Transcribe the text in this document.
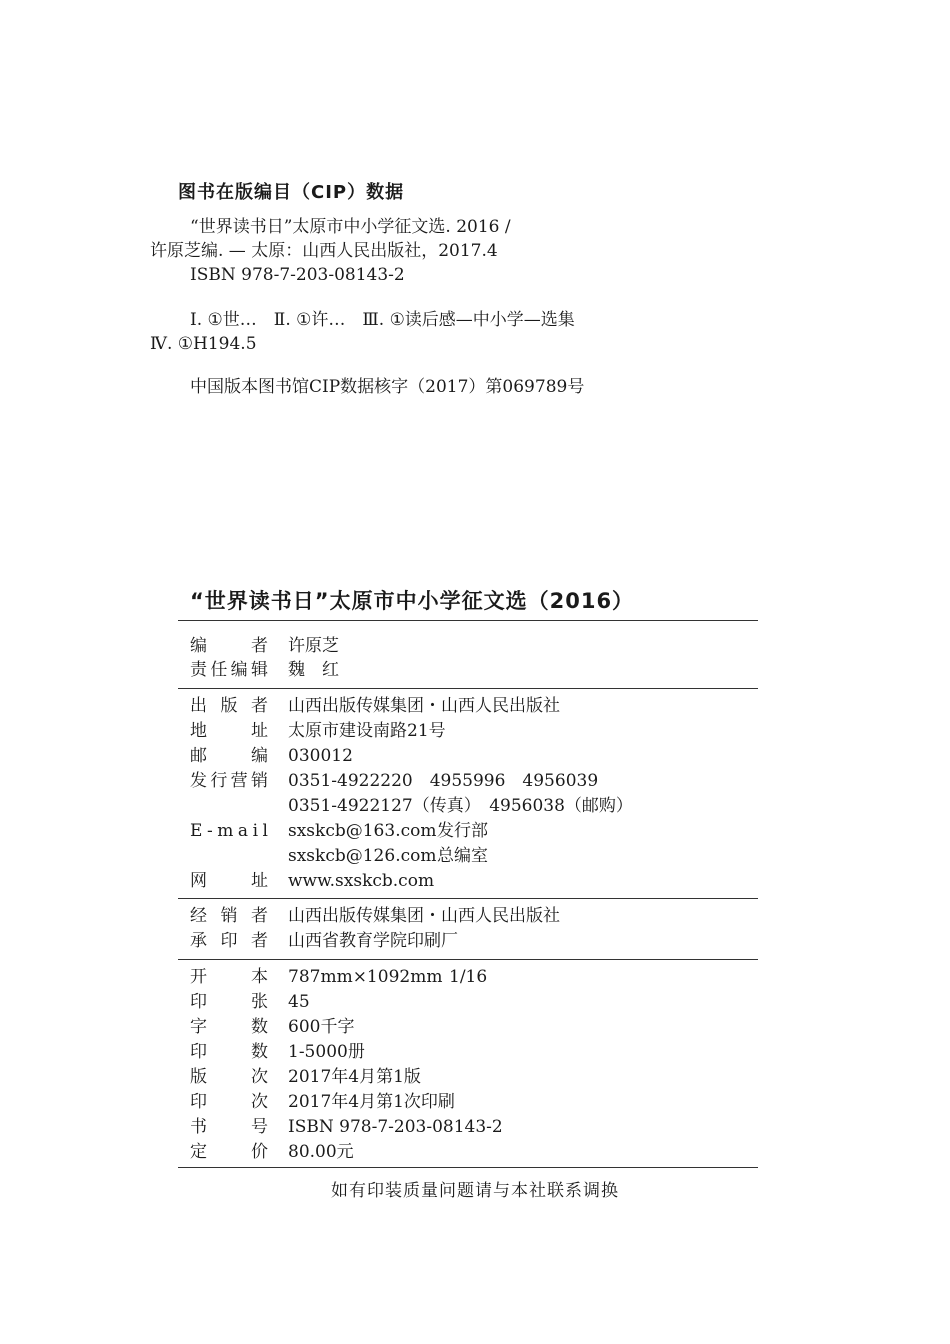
图书在版编目（CIP）数据
“世界读书日”太原市中小学征文选. 2016 /
许原芝编. — 太原：山西人民出版社，2017.4
ISBN 978-7-203-08143-2
Ⅰ. ①世…　Ⅱ. ①许…　Ⅲ. ①读后感—中小学—选集
Ⅳ. ①H194.5
中国版本图书馆CIP数据核字（2017）第069789号
“世界读书日”太原市中小学征文选（2016）
编	者 许原芝
责 任 编 辑 魏　红
出 版 者 山西出版传媒集团・山西人民出版社
地	址 太原市建设南路21号
邮	编 030012
发 行 营 销 0351-4922220　4955996　4956039
0351-4922127（传真）　4956038（邮购）
E - m a i l sxskcb@163.com 发行部
sxskcb@126.com 总编室
网	址 www.sxskcb.com
经 销 者 山西出版传媒集团・山西人民出版社
承 印 者 山西省教育学院印刷厂
开	本 787mm×1092mm 1/16
印	张 45
字	数 600千字
印	数 1-5000册
版	次 2017年4月第1版
印	次 2017年4月第1次印刷
书	号 ISBN 978-7-203-08143-2
定	价 80.00元
如有印装质量问题请与本社联系调换
